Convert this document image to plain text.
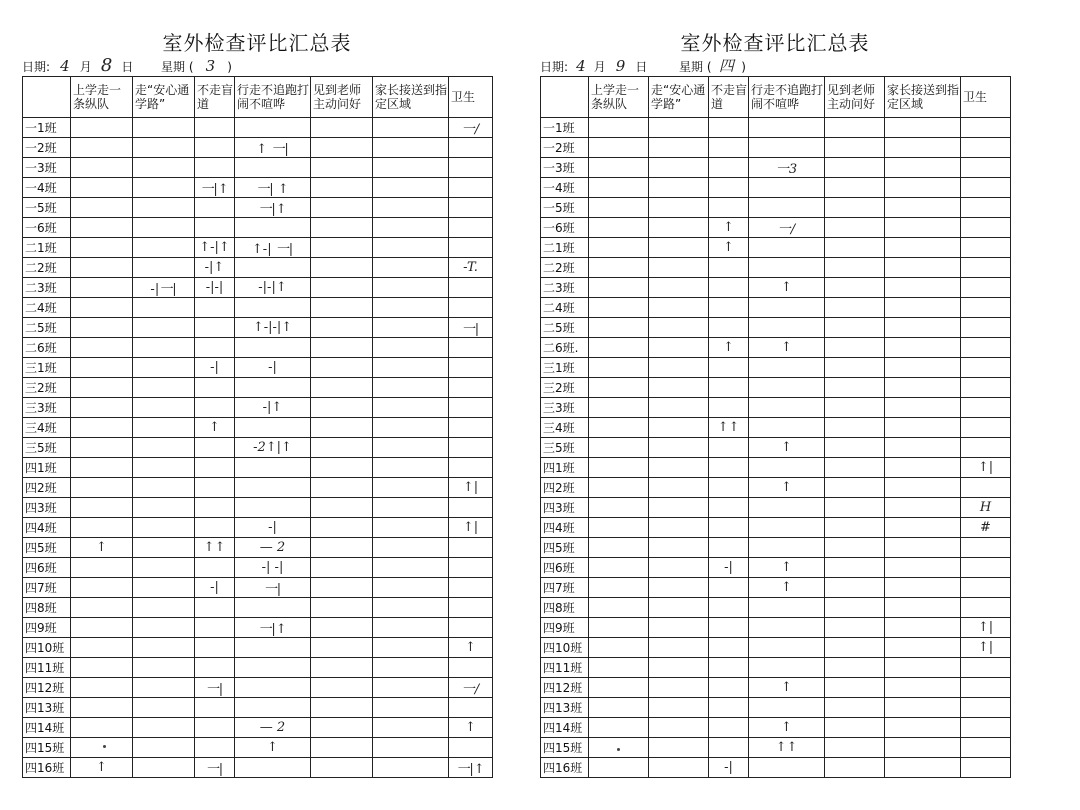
室外检查评比汇总表
日期: 4 月 8 日 星期 ( 3 )
	上学走一条纵队	走“安心通学路”	不走盲道	行走不追跑打闹不喧哗	见到老师主动问好	家长接送到指定区域	卫生
一1班							一/
一2班				↑ 一|			
一3班							
一4班			一|↑	一| ↑			
一5班				一|↑			
一6班							
二1班			↑-|↑	↑-| 一|			
二2班			-|↑				-T.
二3班		-|一|	-|-|	-|-|↑			
二4班							
二5班				↑-|-|↑			一|
二6班							
三1班			-|	-|			
三2班							
三3班				-|↑			
三4班			↑				
三5班				-2↑|↑			
四1班							
四2班							↑|
四3班							
四4班				-|			↑|
四5班	↑		↑↑	— 2			
四6班				-| -|			
四7班			-|	一|			
四8班							
四9班				一|↑			
四10班							↑
四11班							
四12班			一|				一/
四13班							
四14班				— 2			↑
四15班				↑			
四16班	↑		一|				一|↑
室外检查评比汇总表
日期: 4 月 9 日	星期 ( 四 )
	上学走一条纵队	走“安心通学路”	不走盲道	行走不追跑打闹不喧哗	见到老师主动问好	家长接送到指定区域	卫生
一1班							
一2班							
一3班				一3			
一4班							
一5班							
一6班			↑	一/			
二1班			↑				
二2班							
二3班				↑			
二4班							
二5班							
二6班.			↑	↑			
三1班							
三2班							
三3班							
三4班			↑↑				
三5班				↑			
四1班							↑|
四2班				↑			
四3班							H
四4班							#
四5班							
四6班			-|	↑			
四7班				↑			
四8班							
四9班							↑|
四10班							↑|
四11班							
四12班				↑			
四13班							
四14班				↑			
四15班				↑↑			
四16班			-|				
